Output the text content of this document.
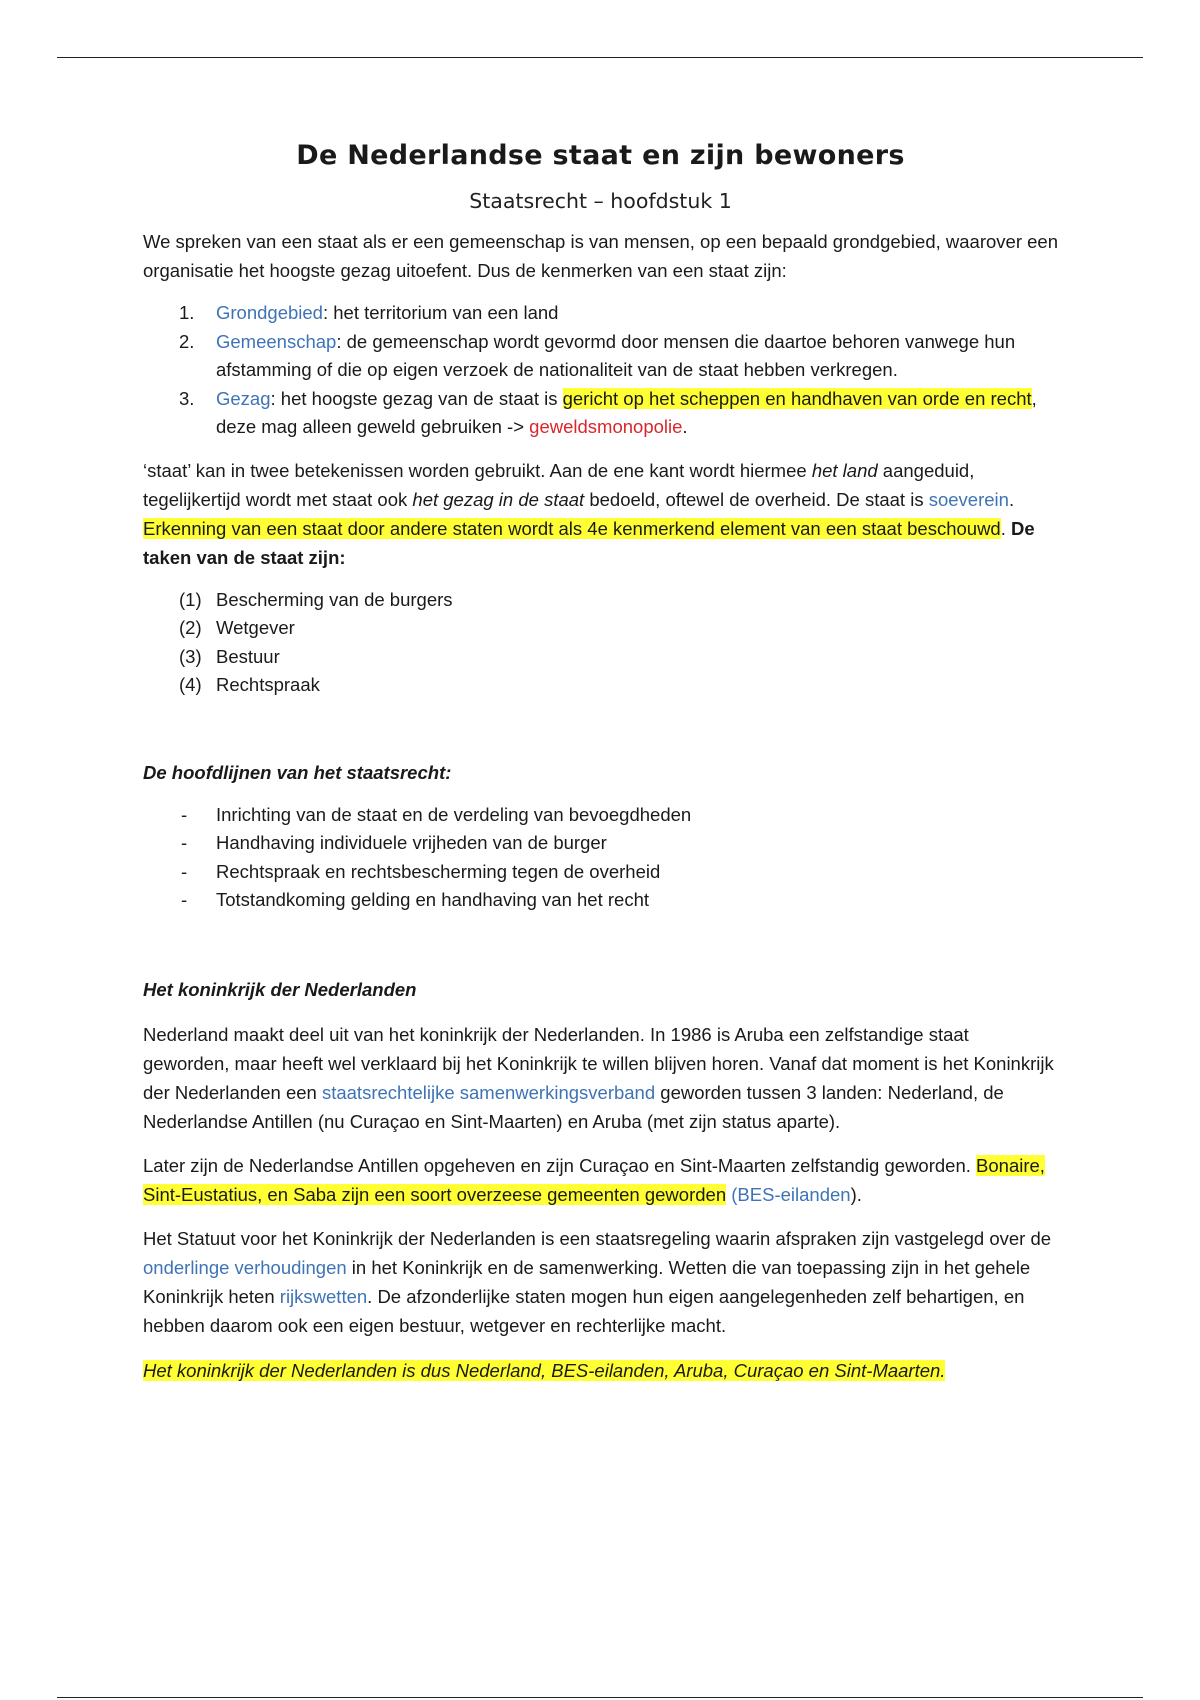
De Nederlandse staat en zijn bewoners
Staatsrecht – hoofdstuk 1

We spreken van een staat als er een gemeenschap is van mensen, op een bepaald grondgebied, waarover een organisatie het hoogste gezag uitoefent. Dus de kenmerken van een staat zijn:

1. Grondgebied: het territorium van een land
2. Gemeenschap: de gemeenschap wordt gevormd door mensen die daartoe behoren vanwege hun afstamming of die op eigen verzoek de nationaliteit van de staat hebben verkregen.
3. Gezag: het hoogste gezag van de staat is gericht op het scheppen en handhaven van orde en recht, deze mag alleen geweld gebruiken -> geweldsmonopolie.

‘staat’ kan in twee betekenissen worden gebruikt. Aan de ene kant wordt hiermee het land aangeduid, tegelijkertijd wordt met staat ook het gezag in de staat bedoeld, oftewel de overheid. De staat is soeverein. Erkenning van een staat door andere staten wordt als 4e kenmerkend element van een staat beschouwd. De taken van de staat zijn:

(1) Bescherming van de burgers
(2) Wetgever
(3) Bestuur
(4) Rechtspraak
De hoofdlijnen van het staatsrecht:
- Inrichting van de staat en de verdeling van bevoegdheden
- Handhaving individuele vrijheden van de burger
- Rechtspraak en rechtsbescherming tegen de overheid
- Totstandkoming gelding en handhaving van het recht
Het koninkrijk der Nederlanden

Nederland maakt deel uit van het koninkrijk der Nederlanden. In 1986 is Aruba een zelfstandige staat geworden, maar heeft wel verklaard bij het Koninkrijk te willen blijven horen. Vanaf dat moment is het Koninkrijk der Nederlanden een staatsrechtelijke samenwerkingsverband geworden tussen 3 landen: Nederland, de Nederlandse Antillen (nu Curaçao en Sint-Maarten) en Aruba (met zijn status aparte).

Later zijn de Nederlandse Antillen opgeheven en zijn Curaçao en Sint-Maarten zelfstandig geworden. Bonaire, Sint-Eustatius, en Saba zijn een soort overzeese gemeenten geworden (BES-eilanden).

Het Statuut voor het Koninkrijk der Nederlanden is een staatsregeling waarin afspraken zijn vastgelegd over de onderlinge verhoudingen in het Koninkrijk en de samenwerking. Wetten die van toepassing zijn in het gehele Koninkrijk heten rijkswetten. De afzonderlijke staten mogen hun eigen aangelegenheden zelf behartigen, en hebben daarom ook een eigen bestuur, wetgever en rechterlijke macht.

Het koninkrijk der Nederlanden is dus Nederland, BES-eilanden, Aruba, Curaçao en Sint-Maarten.
